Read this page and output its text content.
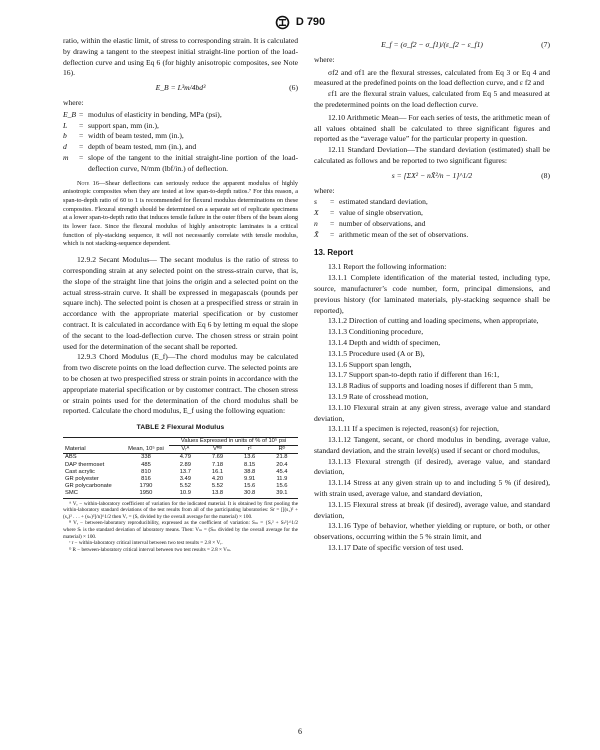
D 790

ratio, within the elastic limit, of stress to corresponding strain. It is calculated by drawing a tangent to the steepest initial straight-line portion of the load-deflection curve and using Eq 6 (for highly anisotropic composites, see Note 16).

E_B = L³m/4bd³	(6)

where:

E_B = modulus of elasticity in bending, MPa (psi),
L	= support span, mm (in.),
b	= width of beam tested, mm (in.),
d	= depth of beam tested, mm (in.), and
m	= slope of the tangent to the initial straight-line portion of the load-deflection curve, N/mm (lbf/in.) of deflection.

Note 16—Shear deflections can seriously reduce the apparent modulus of highly anisotropic composites when they are tested at low span-to-depth ratios.⁷ For this reason, a span-to-depth ratio of 60 to 1 is recommended for flexural modulus determinations on these composites. Flexural strength should be determined on a separate set of replicate specimens at a lower span-to-depth ratio that induces tensile failure in the outer fibers of the beam along its lower face. Since the flexural modulus of highly anisotropic laminates is a critical function of ply-stacking sequence, it will not necessarily correlate with tensile modulus, which is not stacking-sequence dependent.

12.9.2 Secant Modulus— The secant modulus is the ratio of stress to corresponding strain at any selected point on the stress-strain curve, that is, the slope of the straight line that joins the origin and a selected point on the actual stress-strain curve. It shall be expressed in megapascals (pounds per square inch). The selected point is chosen at a prespecified stress or strain in accordance with the appropriate material specification or by customer contract. It is calculated in accordance with Eq 6 by letting m equal the slope of the secant to the load-deflection curve. The chosen stress or strain point used for the determination of the secant shall be reported.

12.9.3 Chord Modulus (E_f)—The chord modulus may be calculated from two discrete points on the load deflection curve. The selected points are to be chosen at two prespecified stress or strain points in accordance with the appropriate material specification or by customer contract. The chosen stress or strain points used for the determination of the chord modulus shall be reported. Calculate the chord modulus, E_f using the following equation:

TABLE 2 Flexural Modulus
		Values Expressed in units of % of 10⁵ psi			
Material	Mean, 10⁵ psi	Vᵣᴬ	Vᴿᴮ	rᶜ	Rᴰ
ABS	338	4.79	7.69	13.6	21.8
DAP thermoset	485	2.89	7.18	8.15	20.4
Cast acrylic	810	13.7	16.1	38.8	45.4
GR polyester	816	3.49	4.20	9.91	11.9
GR polycarbonate	1790	5.52	5.52	15.6	15.6
SMC	1950	10.9	13.8	30.8	39.1

ᴬ Vᵣ − within-laboratory coefficient of variation for the indicated material. It is obtained by first pooling the within-laboratory standard deviations of the test results from all of the participating laboratories: Sr = [[(s₁)² + (s₂)² . . . + (sₙ)²]/n]^1/2 then Vᵣ = (Sᵣ divided by the overall average for the material) × 100.

ᴮ Vᵣ − between-laboratory reproducibility, expressed as the coefficient of variation: Sₘ = {Sᵣ² + Sₗ²}^1/2 where Sₗ is the standard deviation of laboratory means. Then: Vₘ = (Sₘ divided by the overall average for the material) × 100.

ᶜ r − within-laboratory critical interval between two test results = 2.8 × Vᵣ.

ᴰ R − between-laboratory critical interval between two test results = 2.8 × Vₘ.

E_f = (σ_f2 − σ_f1)/(ε_f2 − ε_f1)	(7)

where:

σf2 and σf1 are the flexural stresses, calculated from Eq 3 or Eq 4 and measured at the predefined points on the load deflection curve, and ε f2 and

εf1 are the flexural strain values, calculated from Eq 5 and measured at the predetermined points on the load deflection curve.

12.10 Arithmetic Mean— For each series of tests, the arithmetic mean of all values obtained shall be calculated to three significant figures and reported as the “average value” for the particular property in question.

12.11 Standard Deviation—The standard deviation (estimated) shall be calculated as follows and be reported to two significant figures:

s = [ΣX² − nX̄²/n − 1]^1/2	(8)

where:

s	= estimated standard deviation,
X	= value of single observation,
n	= number of observations, and
X̄	= arithmetic mean of the set of observations.
13. Report

13.1 Report the following information:

13.1.1 Complete identification of the material tested, including type, source, manufacturer’s code number, form, principal dimensions, and previous history (for laminated materials, ply-stacking sequence shall be reported),

13.1.2 Direction of cutting and loading specimens, when appropriate,

13.1.3 Conditioning procedure,

13.1.4 Depth and width of specimen,

13.1.5 Procedure used (A or B),

13.1.6 Support span length,

13.1.7 Support span-to-depth ratio if different than 16:1,

13.1.8 Radius of supports and loading noses if different than 5 mm,

13.1.9 Rate of crosshead motion,

13.1.10 Flexural strain at any given stress, average value and standard deviation,

13.1.11 If a specimen is rejected, reason(s) for rejection,

13.1.12 Tangent, secant, or chord modulus in bending, average value, standard deviation, and the strain level(s) used if secant or chord modulus,

13.1.13 Flexural strength (if desired), average value, and standard deviation,

13.1.14 Stress at any given strain up to and including 5 % (if desired), with strain used, average value, and standard deviation,

13.1.15 Flexural stress at break (if desired), average value, and standard deviation,

13.1.16 Type of behavior, whether yielding or rupture, or both, or other observations, occurring within the 5 % strain limit, and

13.1.17 Date of specific version of test used.

6
